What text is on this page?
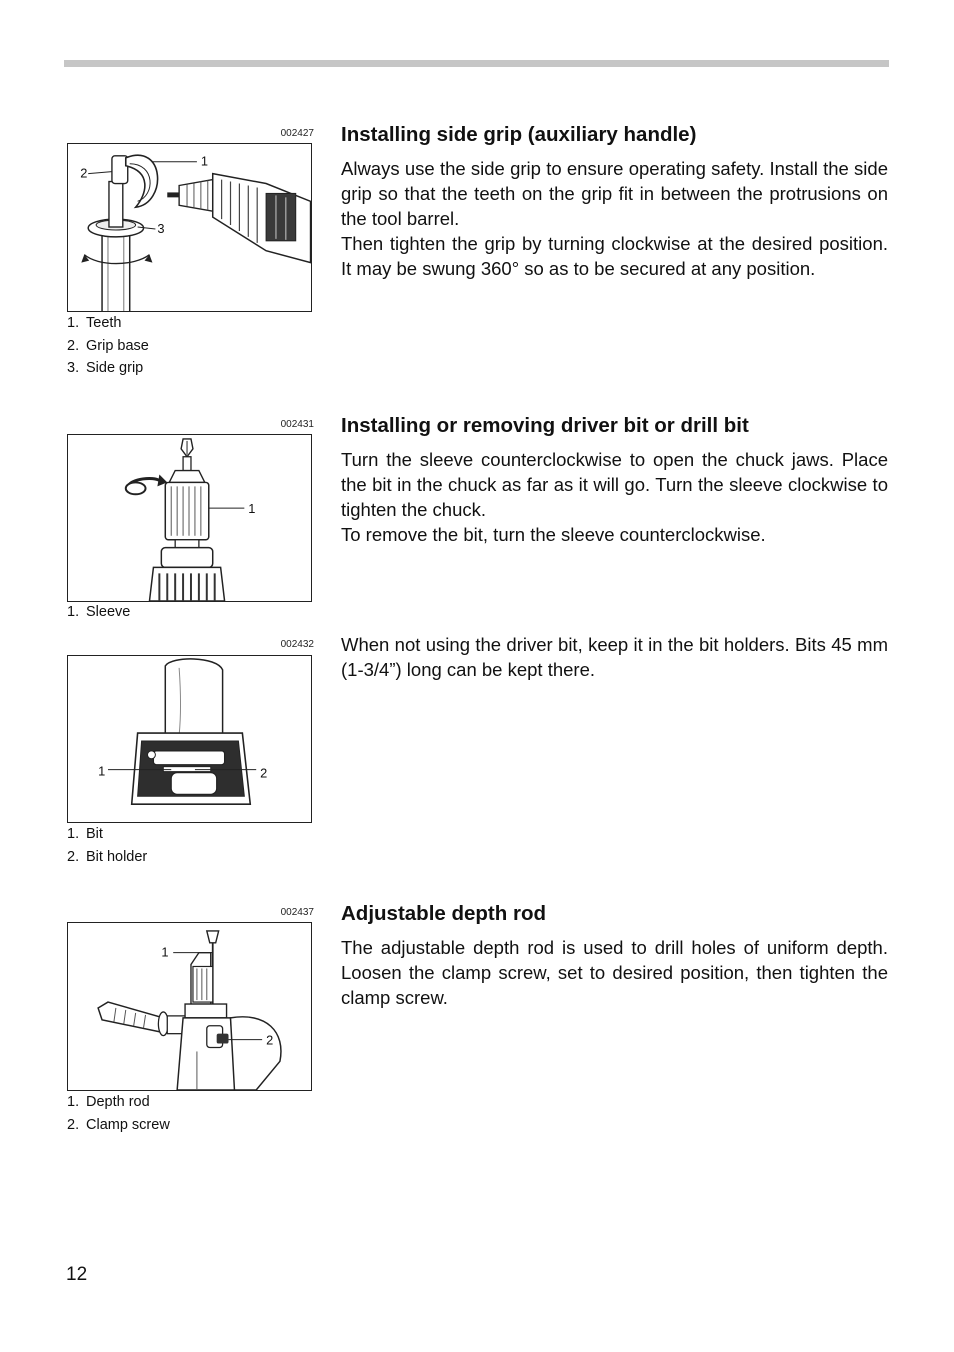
002427
2
1
3
1. Teeth
2. Grip base
3. Side grip
Installing side grip (auxiliary handle)

Always use the side grip to ensure operating safety. Install the side grip so that the teeth on the grip fit in between the protrusions on the tool barrel.

Then tighten the grip by turning clockwise at the desired position. It may be swung 360° so as to be secured at any position.

002431
1
1. Sleeve
Installing or removing driver bit or drill bit

Turn the sleeve counterclockwise to open the chuck jaws. Place the bit in the chuck as far as it will go. Turn the sleeve clockwise to tighten the chuck.

To remove the bit, turn the sleeve counterclockwise.

002432
1	2
1. Bit
2. Bit holder

When not using the driver bit, keep it in the bit holders. Bits 45 mm (1-3/4”) long can be kept there.

002437
1
2
1. Depth rod
2. Clamp screw
Adjustable depth rod

The adjustable depth rod is used to drill holes of uniform depth. Loosen the clamp screw, set to desired position, then tighten the clamp screw.

12
